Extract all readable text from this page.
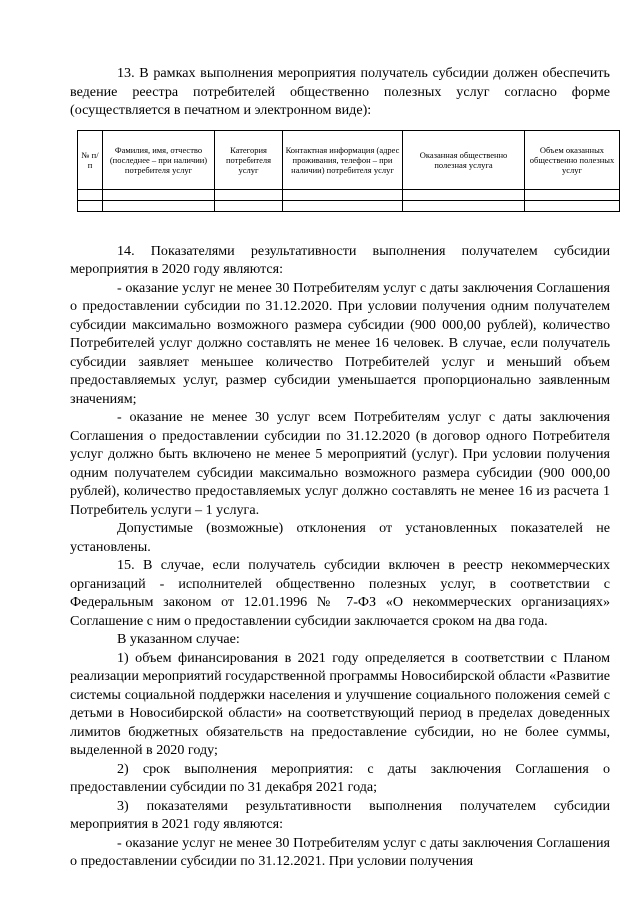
13. В рамках выполнения мероприятия получатель субсидии должен обеспечить ведение реестра потребителей общественно полезных услуг согласно форме (осуществляется в печатном и электронном виде):

№ п/п	Фамилия, имя, отчество (последнее – при наличии) потребителя услуг	Категория потребителя услуг	Контактная информация (адрес проживания, телефон – при наличии) потребителя услуг	Оказанная общественно полезная услуга	Объем оказанных общественно полезных услуг

14. Показателями результативности выполнения получателем субсидии мероприятия в 2020 году являются:

- оказание услуг не менее 30 Потребителям услуг с даты заключения Соглашения о предоставлении субсидии по 31.12.2020. При условии получения одним получателем субсидии максимально возможного размера субсидии (900 000,00 рублей), количество Потребителей услуг должно составлять не менее 16 человек. В случае, если получатель субсидии заявляет меньшее количество Потребителей услуг и меньший объем предоставляемых услуг, размер субсидии уменьшается пропорционально заявленным значениям;

- оказание не менее 30 услуг всем Потребителям услуг с даты заключения Соглашения о предоставлении субсидии по 31.12.2020 (в договор одного Потребителя услуг должно быть включено не менее 5 мероприятий (услуг). При условии получения одним получателем субсидии максимально возможного размера субсидии (900 000,00 рублей), количество предоставляемых услуг должно составлять не менее 16 из расчета 1 Потребитель услуги – 1 услуга.

Допустимые (возможные) отклонения от установленных показателей не установлены.

15. В случае, если получатель субсидии включен в реестр некоммерческих организаций - исполнителей общественно полезных услуг, в соответствии с Федеральным законом от 12.01.1996 № 7-ФЗ «О некоммерческих организациях» Соглашение с ним о предоставлении субсидии заключается сроком на два года.

В указанном случае:

1) объем финансирования в 2021 году определяется в соответствии с Планом реализации мероприятий государственной программы Новосибирской области «Развитие системы социальной поддержки населения и улучшение социального положения семей с детьми в Новосибирской области» на соответствующий период в пределах доведенных лимитов бюджетных обязательств на предоставление субсидии, но не более суммы, выделенной в 2020 году;

2) срок выполнения мероприятия: с даты заключения Соглашения о предоставлении субсидии по 31 декабря 2021 года;

3) показателями результативности выполнения получателем субсидии мероприятия в 2021 году являются:

- оказание услуг не менее 30 Потребителям услуг с даты заключения Соглашения о предоставлении субсидии по 31.12.2021. При условии получения
